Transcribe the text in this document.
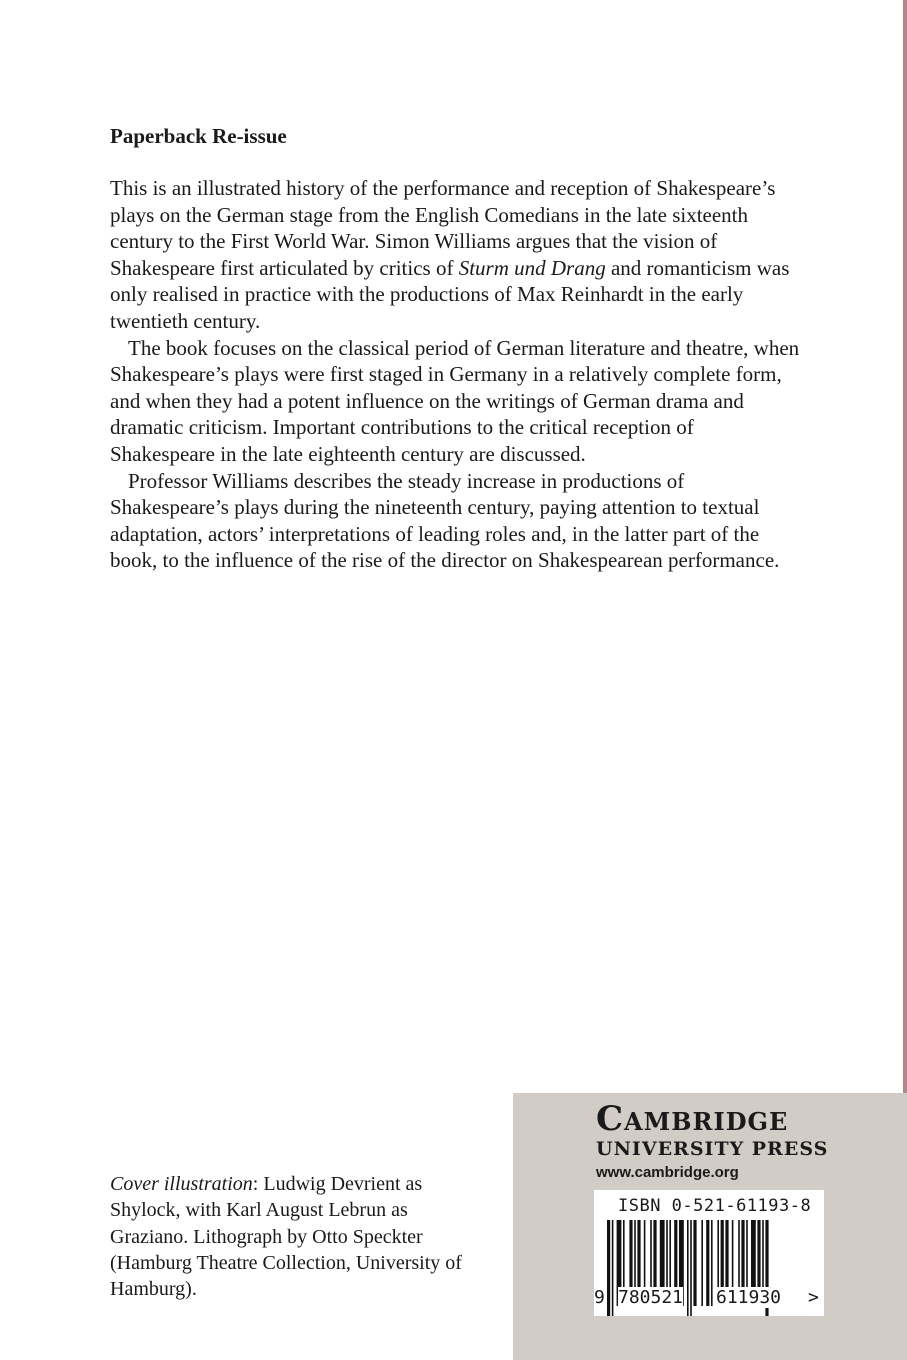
Paperback Re-issue

This is an illustrated history of the performance and reception of Shakespeare’s plays on the German stage from the English Comedians in the late sixteenth century to the First World War. Simon Williams argues that the vision of Shakespeare first articulated by critics of Sturm und Drang and romanticism was only realised in practice with the productions of Max Reinhardt in the early twentieth century.

The book focuses on the classical period of German literature and theatre, when Shakespeare’s plays were first staged in Germany in a relatively complete form, and when they had a potent influence on the writings of German drama and dramatic criticism. Important contributions to the critical reception of Shakespeare in the late eighteenth century are discussed.

Professor Williams describes the steady increase in productions of Shakespeare’s plays during the nineteenth century, paying attention to textual adaptation, actors’ interpretations of leading roles and, in the latter part of the book, to the influence of the rise of the director on Shakespearean performance.

Cover illustration: Ludwig Devrient as Shylock, with Karl August Lebrun as Graziano. Lithograph by Otto Speckter (Hamburg Theatre Collection, University of Hamburg).
Cambridge
UNIVERSITY PRESS
www.cambridge.org
9 780521 611930 >
ISBN 0-521-61193-8
